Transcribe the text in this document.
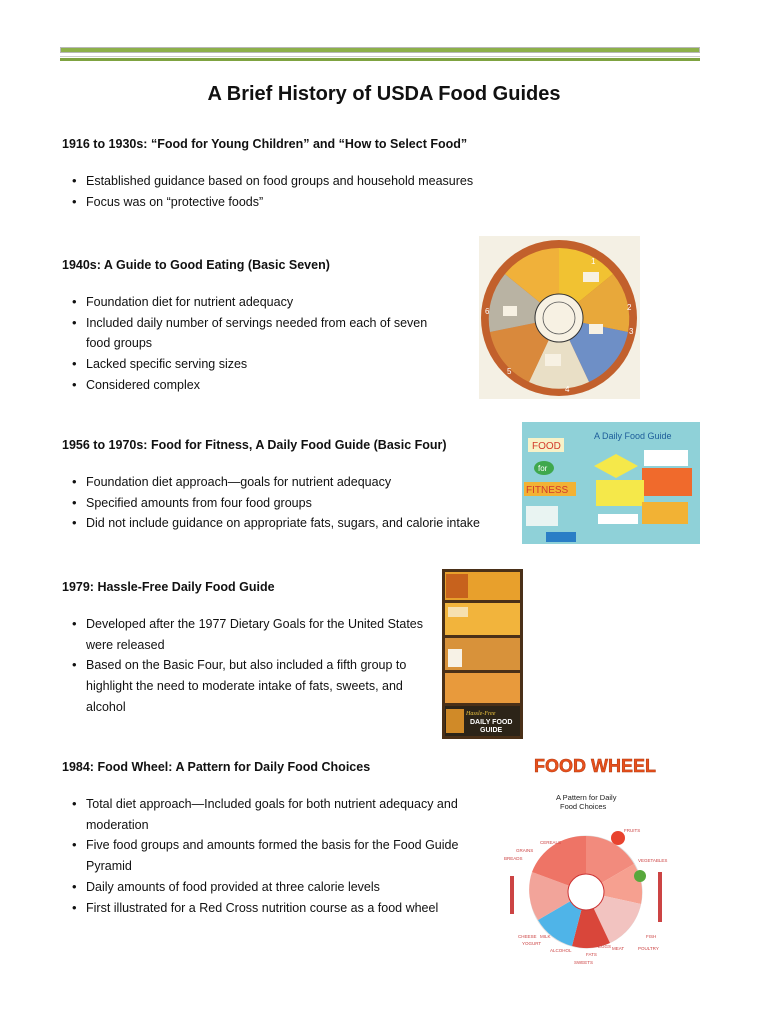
A Brief History of USDA Food Guides
1916 to 1930s: “Food for Young Children” and “How to Select Food”
• Established guidance based on food groups and household measures
• Focus was on “protective foods”
1940s: A Guide to Good Eating (Basic Seven)
• Foundation diet for nutrient adequacy
• Included daily number of servings needed from each of seven food groups
• Lacked specific serving sizes
• Considered complex
1956 to 1970s: Food for Fitness, A Daily Food Guide (Basic Four)
• Foundation diet approach—goals for nutrient adequacy
• Specified amounts from four food groups
• Did not include guidance on appropriate fats, sugars, and calorie intake
1979: Hassle-Free Daily Food Guide
• Developed after the 1977 Dietary Goals for the United States were released
• Based on the Basic Four, but also included a fifth group to highlight the need to moderate intake of fats, sweets, and alcohol
1984: Food Wheel: A Pattern for Daily Food Choices
• Total diet approach—Included goals for both nutrient adequacy and moderation
• Five food groups and amounts formed the basis for the Food Guide Pyramid
• Daily amounts of food provided at three calorie levels
• First illustrated for a Red Cross nutrition course as a food wheel
1
2
3
4
5
6
FOOD
for
FITNESS
A Daily Food Guide
Hassle-Free
DAILY FOOD
GUIDE
FOOD WHEEL
A Pattern for Daily
Food Choices
CEREALS
GRAINS
BREADS
FRUITS
VEGETABLES
CHEESE MILK
YOGURT
ALCOHOL
FATS
SWEETS
EGGS MEAT	POULTRY
FISH
